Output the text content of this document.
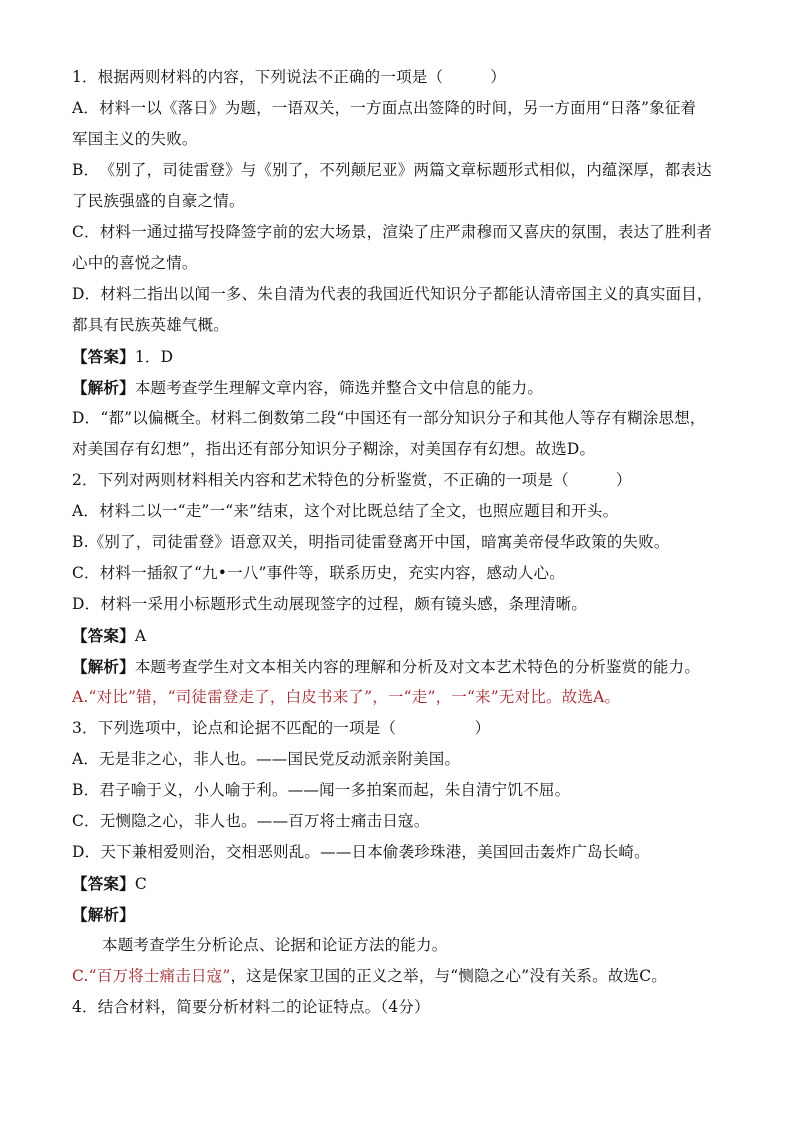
1．根据两则材料的内容，下列说法不正确的一项是（　　　）
A．材料一以《落日》为题，一语双关，一方面点出签降的时间，另一方面用“日落”象征着
军国主义的失败。
B．　《别了，司徒雷登》与《别了，不列颠尼亚》两篇文章标题形式相似，内蕴深厚，都表达
了民族强盛的自豪之情。
C．材料一通过描写投降签字前的宏大场景，渲染了庄严肃穆而又喜庆的氛围，表达了胜利者
心中的喜悦之情。
D．材料二指出以闻一多、朱自清为代表的我国近代知识分子都能认清帝国主义的真实面目，
都具有民族英雄气概。
【答案】1．D
【解析】本题考查学生理解文章内容，筛选并整合文中信息的能力。
D．“都”以偏概全。材料二倒数第二段“中国还有一部分知识分子和其他人等存有糊涂思想，
对美国存有幻想”，指出还有部分知识分子糊涂，对美国存有幻想。故选D。
2．下列对两则材料相关内容和艺术特色的分析鉴赏，不正确的一项是（　　　）
A．材料二以一“走”一“来”结束，这个对比既总结了全文，也照应题目和开头。
B.《别了，司徒雷登》语意双关，明指司徒雷登离开中国，暗寓美帝侵华政策的失败。
C．材料一插叙了“九•一八”事件等，联系历史，充实内容，感动人心。
D．材料一采用小标题形式生动展现签字的过程，颇有镜头感，条理清晰。
【答案】A
【解析】本题考查学生对文本相关内容的理解和分析及对文本艺术特色的分析鉴赏的能力。
A.“对比”错，“司徒雷登走了，白皮书来了”，一“走”，一“来”无对比。故选A。
3．下列选项中，论点和论据不匹配的一项是（　　　　　）
A．无是非之心，非人也。——国民党反动派亲附美国。
B．君子喻于义，小人喻于利。——闻一多拍案而起，朱自清宁饥不屈。
C．无恻隐之心，非人也。——百万将士痛击日寇。
D．天下兼相爱则治，交相恶则乱。——日本偷袭珍珠港，美国回击轰炸广岛长崎。
【答案】C
【解析】
本题考查学生分析论点、论据和论证方法的能力。
C.“百万将士痛击日寇”，这是保家卫国的正义之举，与“恻隐之心”没有关系。故选C。
4．结合材料，简要分析材料二的论证特点。（4分）
